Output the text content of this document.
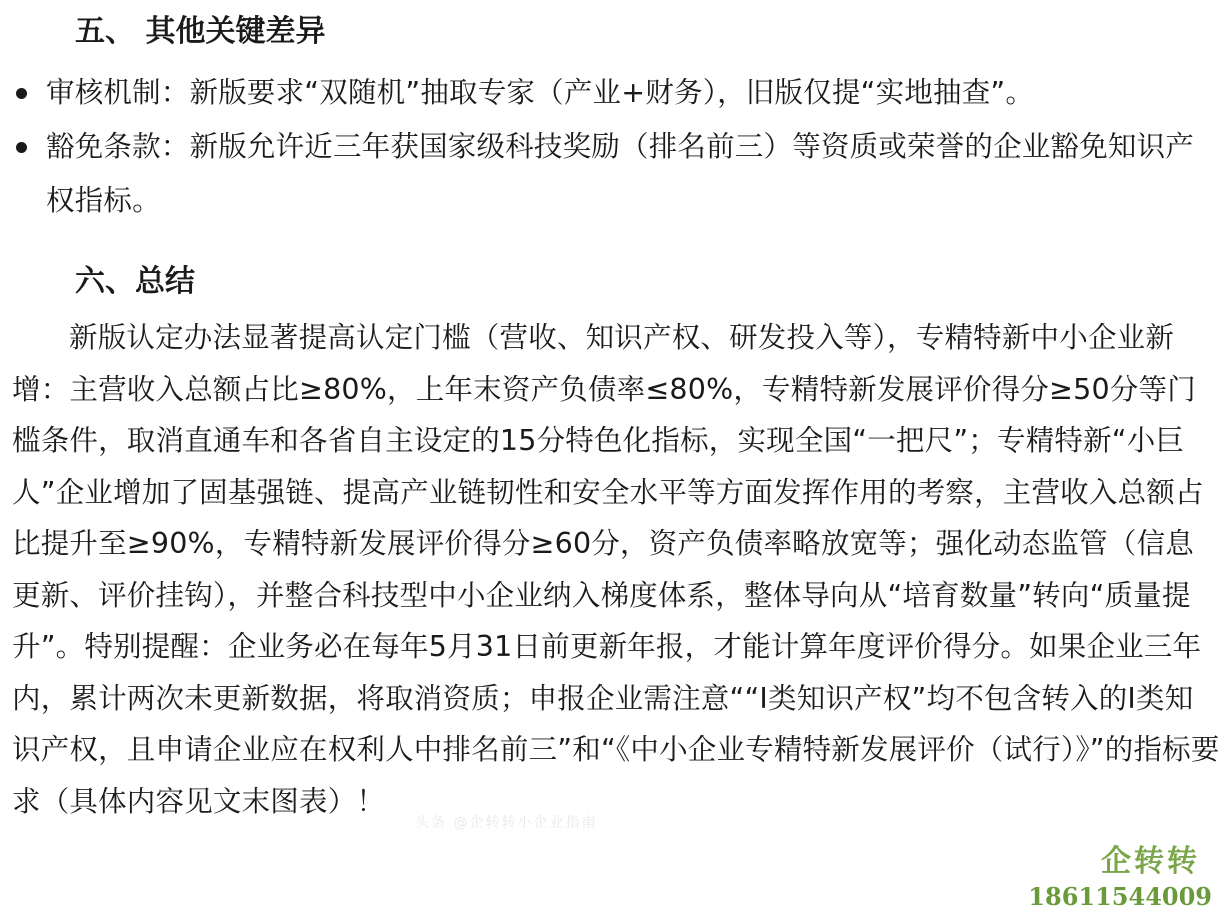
五、 其他关键差异
审核机制：新版要求“双随机”抽取专家（产业+财务），旧版仅提“实地抽查”。
豁免条款：新版允许近三年获国家级科技奖励（排名前三）等资质或荣誉的企业豁免知识产权指标。
六、总结

新版认定办法显著提高认定门槛（营收、知识产权、研发投入等），专精特新中小企业新增：主营收入总额占比≥80%，上年末资产负债率≤80%，专精特新发展评价得分≥50分等门槛条件，取消直通车和各省自主设定的15分特色化指标，实现全国“一把尺”；专精特新“小巨人”企业增加了固基强链、提高产业链韧性和安全水平等方面发挥作用的考察，主营收入总额占比提升至≥90%，专精特新发展评价得分≥60分，资产负债率略放宽等；强化动态监管（信息更新、评价挂钩），并整合科技型中小企业纳入梯度体系，整体导向从“培育数量”转向“质量提升”。特别提醒：企业务必在每年5月31日前更新年报，才能计算年度评价得分。如果企业三年内，累计两次未更新数据，将取消资质；申报企业需注意““I类知识产权”均不包含转入的I类知识产权，且申请企业应在权利人中排名前三”和“《中小企业专精特新发展评价（试行）》”的指标要求（具体内容见文末图表）！

头条 @企转转小企业指南
企转转
18611544009
